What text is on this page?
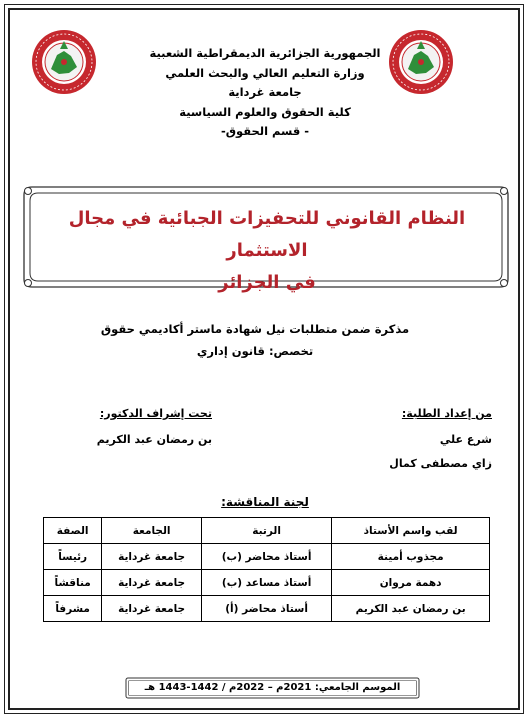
الجمهورية الجزائرية الديمقراطية الشعبية
وزارة التعليم العالي والبحث العلمي
جامعة غرداية
كلية الحقوق والعلوم السياسية
- قسم الحقوق-
النظام القانوني للتحفيزات الجبائية في مجال الاستثمار
في الجزائر
مذكرة ضمن متطلبات نيل شهادة ماستر أكاديمي حقوق
تخصص: قانون إداري
من إعداد الطلبة:
شرع علي
زاي مصطفى كمال
تحت إشراف الدكتور:
بن رمضان عبد الكريم
لجنة المناقشة:
لقب واسم الأستاذ	الرتبة	الجامعة	الصفة
مجذوب أمينة	أستاذ محاضر (ب)	جامعة غرداية	رئيساً
دهمة مروان	أستاذ مساعد (ب)	جامعة غرداية	مناقشاً
بن رمضان عبد الكريم	أستاذ محاضر (أ)	جامعة غرداية	مشرفاً
الموسم الجامعي: 2021م – 2022م / 1442-1443 هـ
